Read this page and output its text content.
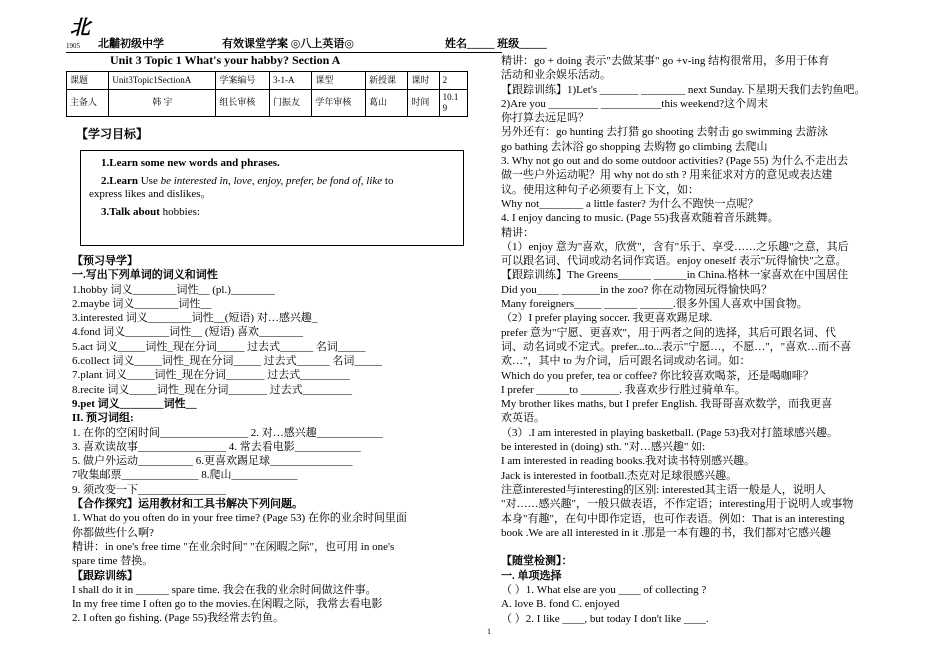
北
1905 北黼初级中学	有效课堂学案 ◎八上英语◎	姓名_____ 班级_____
Unit 3 Topic 1 What's your habby? Section A
课题	Unit3Topic1SectionA	学案编号	3-1-A	课型	新授课	课时	2
主备人	韩 宇	组长审核	门振友	学年审核	葛山	时间	10.1
9
【学习目标】
1.Learn some new words and phrases.
2.Learn Use be interested in, love, enjoy, prefer, be fond of, like to
express likes and dislikes。
3.Talk about hobbies:
【预习导学】
一.写出下列单词的词义和词性
1.hobby 词义________词性__ (pl.)________
2.maybe 词义________词性__
3.interested 词义________词性__(短语) 对…感兴趣_
4.fond 词义________词性__ (短语) 喜欢________
5.act 词义_____词性_现在分词_____ 过去式______ 名词_____
6.collect 词义_____词性_现在分词_____ 过去式______ 名词_____
7.plant 词义_____词性_现在分词_______ 过去式_________
8.recite 词义_____词性_现在分词_______ 过去式_________
9.pet 词义________词性__
II. 预习词组:
1. 在你的空闲时间________________ 2. 对…感兴趣____________
3. 喜欢读故事________________ 4. 常去看电影____________
5. 做户外运动__________ 6.更喜欢踢足球_______________
7收集邮票______________ 8.爬山____________
9. 须改变一下________________
【合作探究】运用教材和工具书解决下列问题。
1. What do you often do in your free time? (Page 53) 在你的业余时间里面
你都做些什么啊?
精讲：in one's free time "在业余时间" "在闲暇之际"，也可用 in one's
spare time 替换。
【跟踪训练】
I shall do it in ______ spare time. 我会在我的业余时间做这件事。
In my free time I often go to the movies.在闲暇之际，我常去看电影
2. I often go fishing. (Page 55)我经常去钓鱼。
精讲：go + doing 表示"去做某事" go +v-ing 结构很常用，多用于体育
活动和业余娱乐活动。
【跟踪训练】1)Let's _______ ________ next Sunday.下星期天我们去钓鱼吧。
2)Are you _________ ___________this weekend?这个周末
你打算去远足吗？
另外还有：go hunting 去打猎 go shooting 去射击 go swimming 去游泳
go bathing 去沐浴 go shopping 去购物 go climbing 去爬山
3. Why not go out and do some outdoor activities? (Page 55) 为什么不走出去
做一些户外运动呢？用 why not do sth ? 用来征求对方的意见或表达建
议。使用这种句子必须要有上下文，如：
Why not________ a little faster? 为什么不跑快一点呢？
4. I enjoy dancing to music. (Page 55)我喜欢随着音乐跳舞。
精讲：
（1）enjoy 意为"喜欢，欣赏"，含有"乐于、享受……之乐趣"之意，其后
可以跟名词、代词或动名词作宾语。enjoy oneself 表示"玩得愉快"之意。
【跟踪训练】The Greens______ ______in China.格林一家喜欢在中国居住
Did you____ _______in the zoo? 你在动物园玩得愉快吗？
Many foreigners_____ ______ ______.很多外国人喜欢中国食物。
（2）I prefer playing soccer. 我更喜欢踢足球.
prefer 意为"宁愿、更喜欢"，用于两者之间的选择，其后可跟名词、代
词、动名词或不定式。prefer...to...表示"宁愿…，不愿…"，"喜欢…而不喜
欢…"，其中 to 为介词，后可跟名词或动名词。如：
Which do you prefer, tea or coffee? 你比较喜欢喝茶，还是喝咖啡？
I prefer ______to _______. 我喜欢步行胜过骑单车。
My brother likes maths, but I prefer English. 我哥哥喜欢数学，而我更喜
欢英语。
（3）.I am interested in playing basketball. (Page 53)我对打篮球感兴趣。
be interested in (doing) sth. "对…感兴趣" 如:
I am interested in reading books.我对读书特别感兴趣。
Jack is interested in football.杰克对足球很感兴趣。
注意interested与interesting的区别: interested其主语一般是人，说明人
"对……感兴趣"，一般只做表语，不作定语；interesting用于说明人或事物
本身"有趣"，在句中即作定语，也可作表语。例如：That is an interesting
book .We are all interested in it .那是一本有趣的书，我们都对它感兴趣
【随堂检测】：
一. 单项选择
（ ）1. What else are you ____ of collecting ?
A. love B. fond C. enjoyed
（ ）2. I like ____, but today I don't like ____.
1
